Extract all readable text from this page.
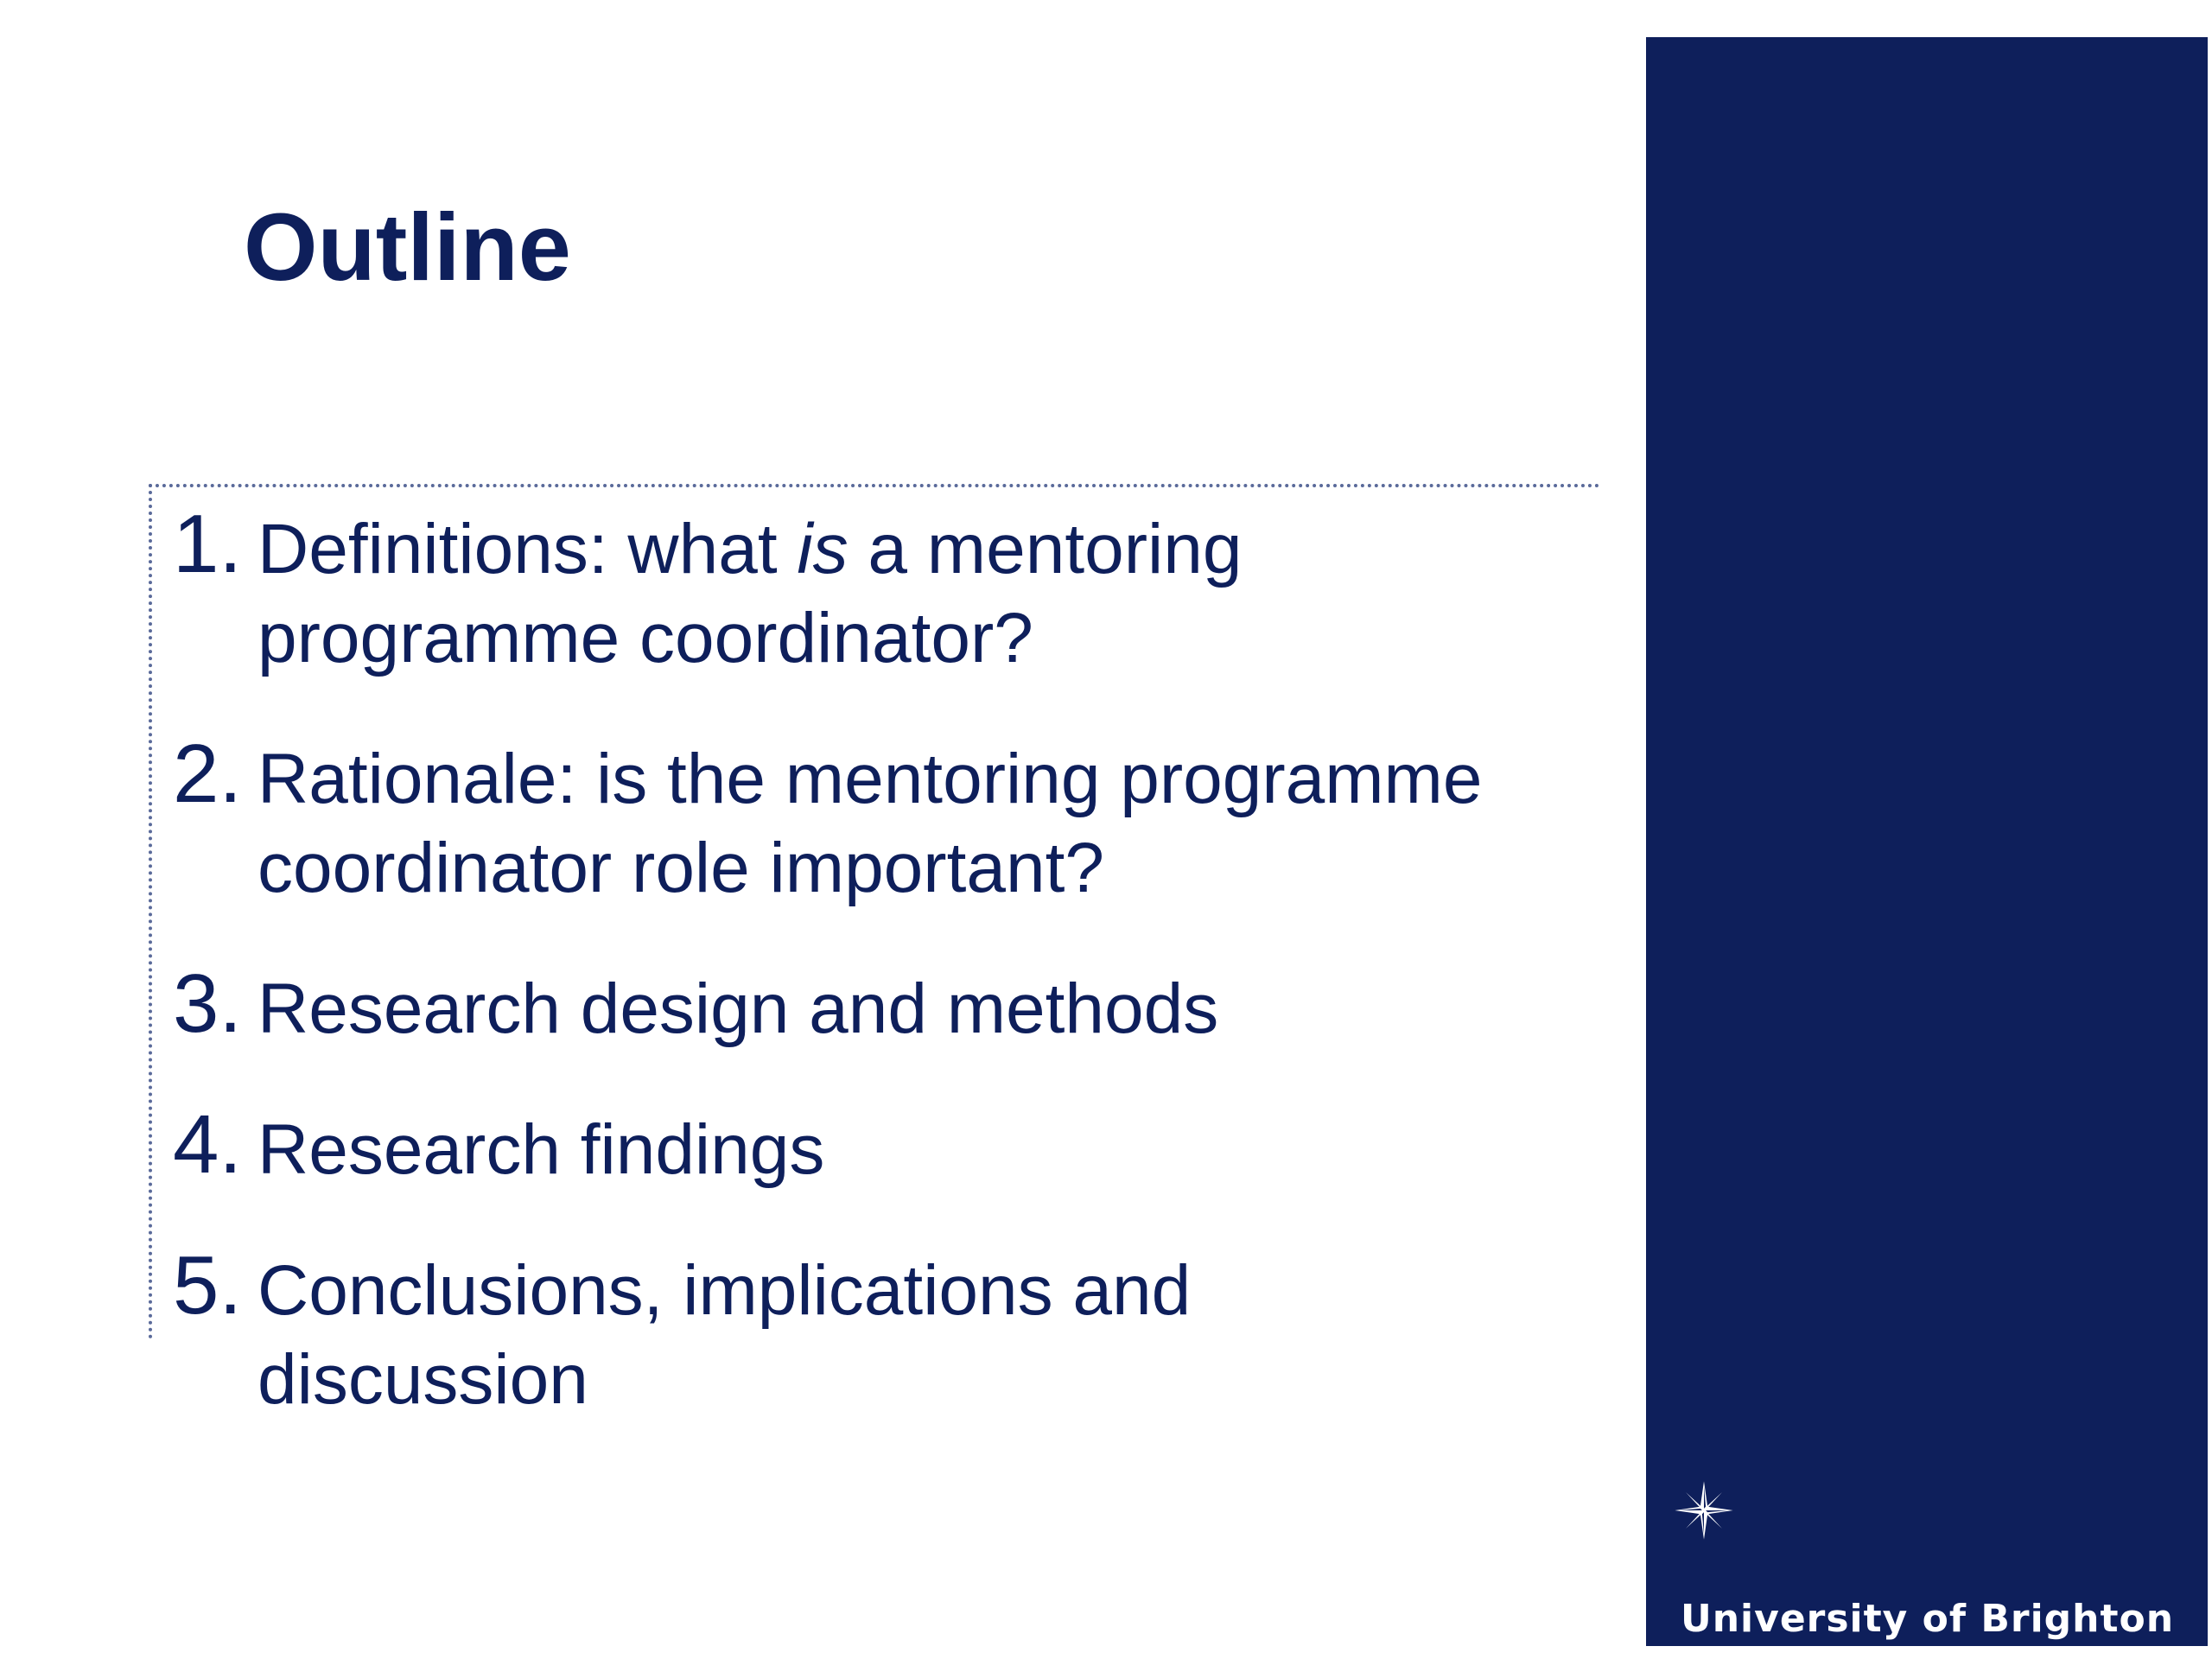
Outline
1. Definitions: what is a mentoring
programme coordinator?
2. Rationale: is the mentoring programme
coordinator role important?
3. Research design and methods
4. Research findings
5. Conclusions, implications and
discussion
University of Brighton
